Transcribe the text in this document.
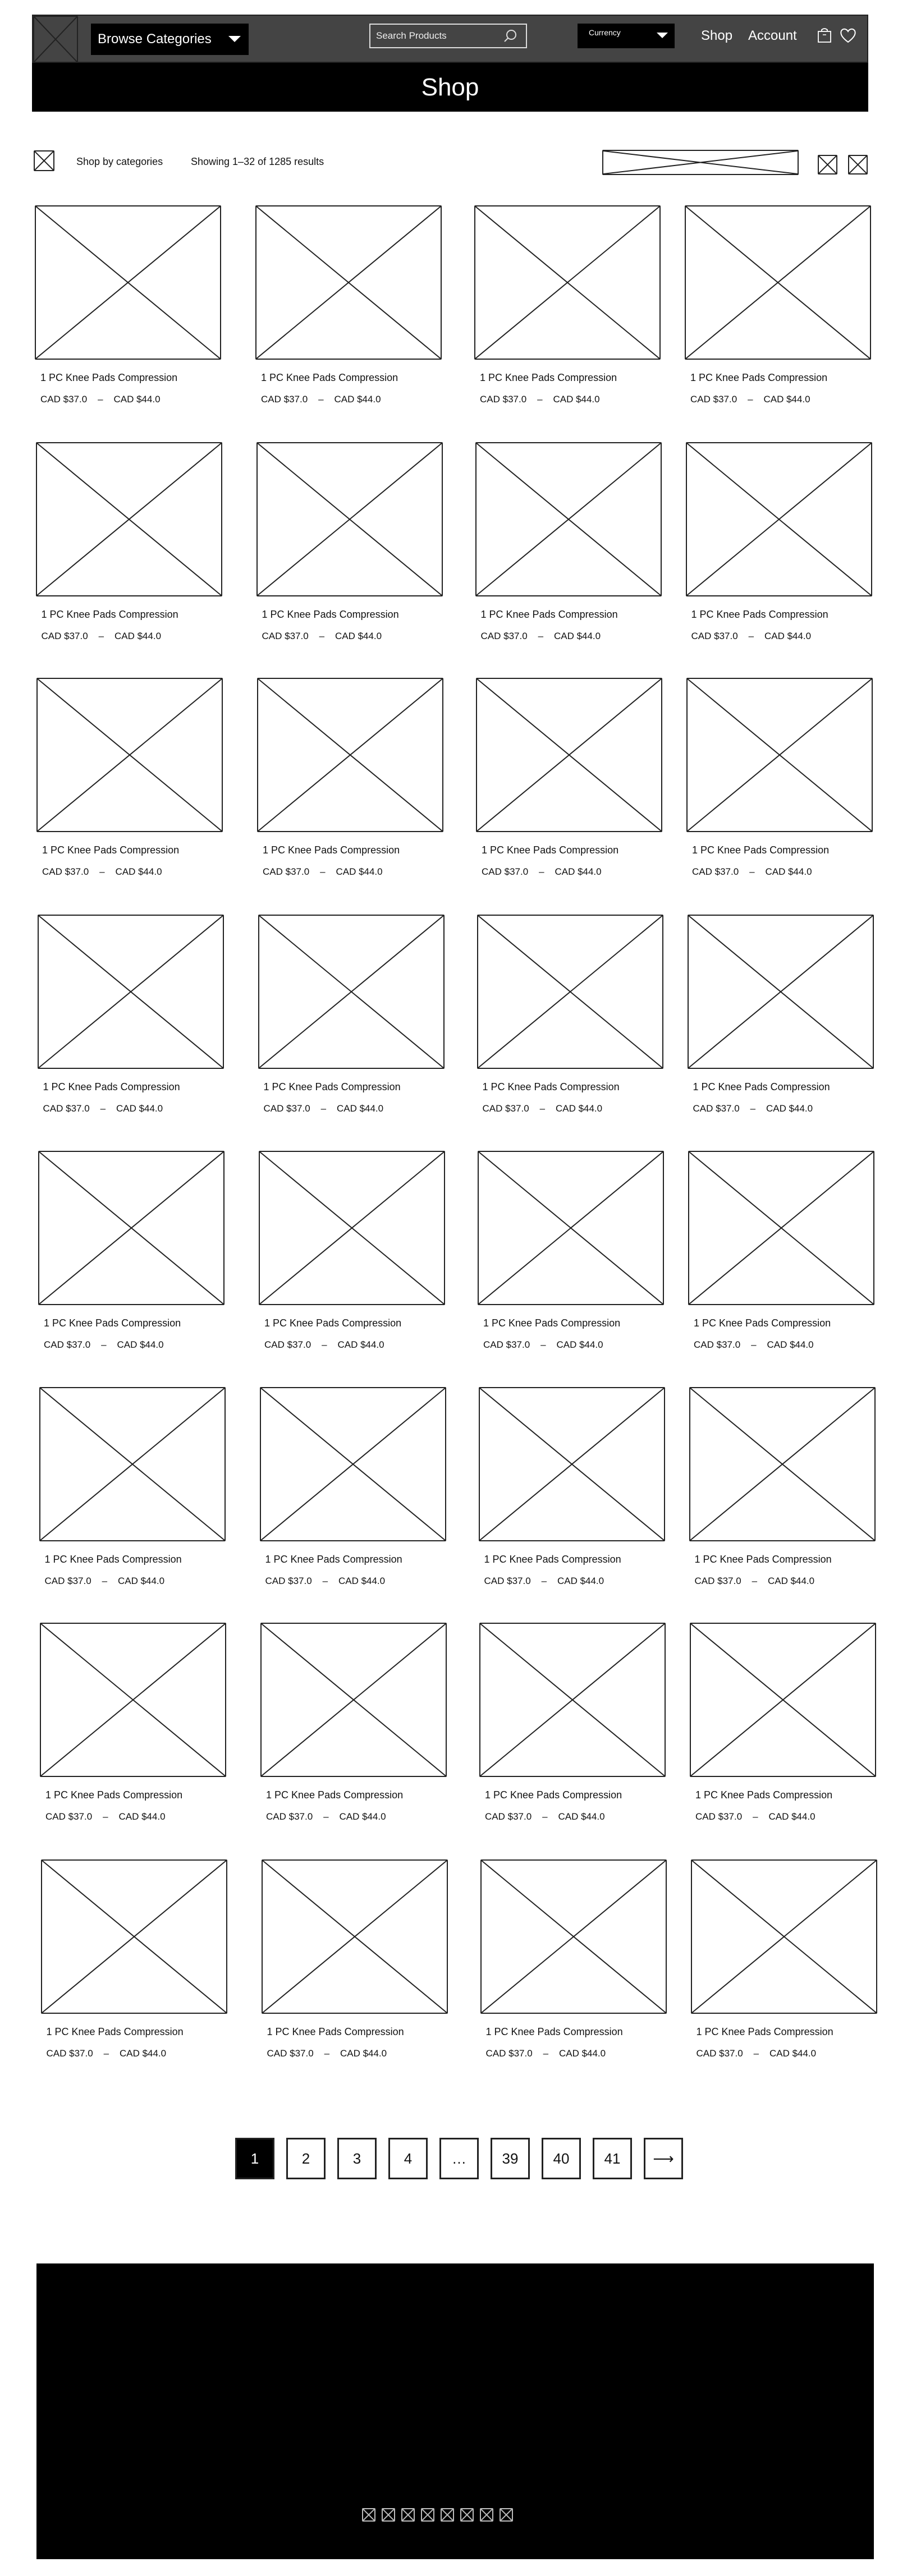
Browse Categories	Search Products	Currency	Shop Account
Shop
Shop by categories	Showing 1–32 of 1285 results
1 PC Knee Pads Compression
CAD $37.0 – CAD $44.0
1 PC Knee Pads Compression
CAD $37.0 – CAD $44.0
1 PC Knee Pads Compression
CAD $37.0 – CAD $44.0
1 PC Knee Pads Compression
CAD $37.0 – CAD $44.0
1 PC Knee Pads Compression
CAD $37.0 – CAD $44.0
1 PC Knee Pads Compression
CAD $37.0 – CAD $44.0
1 PC Knee Pads Compression
CAD $37.0 – CAD $44.0
1 PC Knee Pads Compression
CAD $37.0 – CAD $44.0
1 PC Knee Pads Compression
CAD $37.0 – CAD $44.0
1 PC Knee Pads Compression
CAD $37.0 – CAD $44.0
1 PC Knee Pads Compression
CAD $37.0 – CAD $44.0
1 PC Knee Pads Compression
CAD $37.0 – CAD $44.0
1 PC Knee Pads Compression
CAD $37.0 – CAD $44.0
1 PC Knee Pads Compression
CAD $37.0 – CAD $44.0
1 PC Knee Pads Compression
CAD $37.0 – CAD $44.0
1 PC Knee Pads Compression
CAD $37.0 – CAD $44.0
1 PC Knee Pads Compression
CAD $37.0 – CAD $44.0
1 PC Knee Pads Compression
CAD $37.0 – CAD $44.0
1 PC Knee Pads Compression
CAD $37.0 – CAD $44.0
1 PC Knee Pads Compression
CAD $37.0 – CAD $44.0
1 PC Knee Pads Compression
CAD $37.0 – CAD $44.0
1 PC Knee Pads Compression
CAD $37.0 – CAD $44.0
1 PC Knee Pads Compression
CAD $37.0 – CAD $44.0
1 PC Knee Pads Compression
CAD $37.0 – CAD $44.0
1 PC Knee Pads Compression
CAD $37.0 – CAD $44.0
1 PC Knee Pads Compression
CAD $37.0 – CAD $44.0
1 PC Knee Pads Compression
CAD $37.0 – CAD $44.0
1 PC Knee Pads Compression
CAD $37.0 – CAD $44.0
1 PC Knee Pads Compression
CAD $37.0 – CAD $44.0
1 PC Knee Pads Compression
CAD $37.0 – CAD $44.0
1 PC Knee Pads Compression
CAD $37.0 – CAD $44.0
1 PC Knee Pads Compression
CAD $37.0 – CAD $44.0
1	2	3	4	…	39	40	41	⟶
